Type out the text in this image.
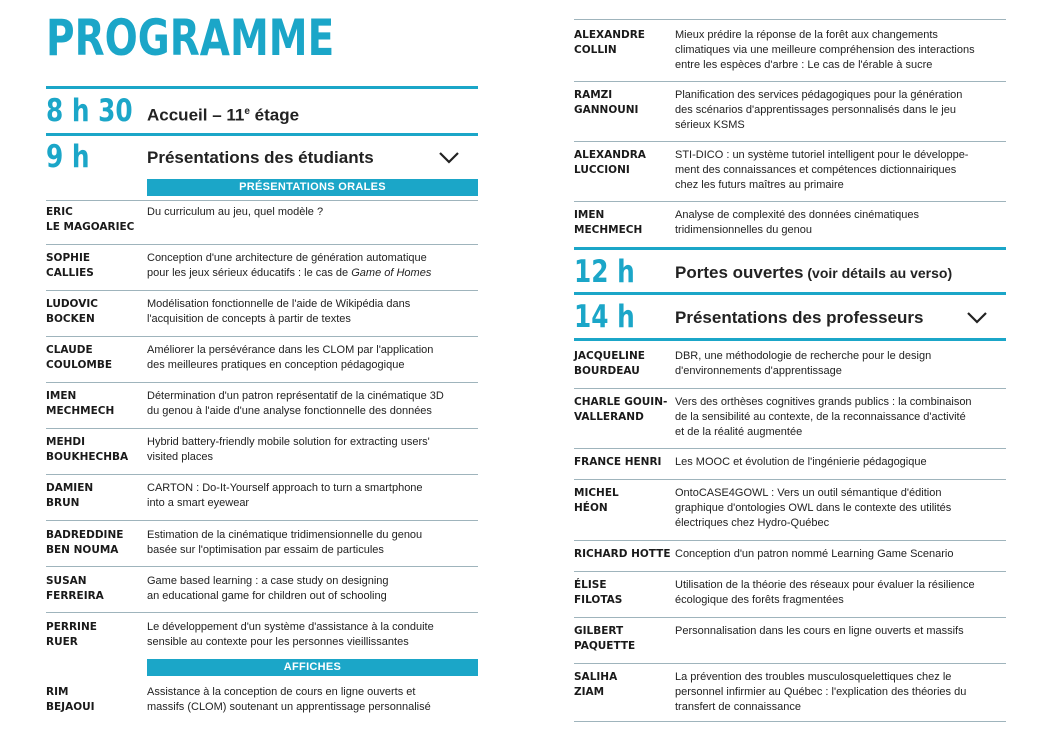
PROGRAMME
8 h 30 Accueil – 11e étage
9 h	Présentations des étudiants
PRÉSENTATIONS ORALES
ERIC
LE MAGOARIEC
Du curriculum au jeu, quel modèle ?
SOPHIE
CALLIES
Conception d'une architecture de génération automatique
pour les jeux sérieux éducatifs : le cas de Game of Homes
LUDOVIC
BOCKEN
Modélisation fonctionnelle de l'aide de Wikipédia dans
l'acquisition de concepts à partir de textes
CLAUDE
COULOMBE
Améliorer la persévérance dans les CLOM par l'application
des meilleures pratiques en conception pédagogique
IMEN
MECHMECH
Détermination d'un patron représentatif de la cinématique 3D
du genou à l'aide d'une analyse fonctionnelle des données
MEHDI
BOUKHECHBA
Hybrid battery-friendly mobile solution for extracting users'
visited places
DAMIEN
BRUN
CARTON : Do-It-Yourself approach to turn a smartphone
into a smart eyewear
BADREDDINE
BEN NOUMA
Estimation de la cinématique tridimensionnelle du genou
basée sur l'optimisation par essaim de particules
SUSAN
FERREIRA
Game based learning : a case study on designing
an educational game for children out of schooling
PERRINE
RUER
Le développement d'un système d'assistance à la conduite
sensible au contexte pour les personnes vieillissantes
AFFICHES
RIM
BEJAOUI
Assistance à la conception de cours en ligne ouverts et
massifs (CLOM) soutenant un apprentissage personnalisé
ALEXANDRE
COLLIN
Mieux prédire la réponse de la forêt aux changements
climatiques via une meilleure compréhension des interactions
entre les espèces d'arbre : Le cas de l'érable à sucre
RAMZI
GANNOUNI
Planification des services pédagogiques pour la génération
des scénarios d'apprentissages personnalisés dans le jeu
sérieux KSMS
ALEXANDRA
LUCCIONI
STI-DICO : un système tutoriel intelligent pour le développe-
ment des connaissances et compétences dictionnairiques
chez les futurs maîtres au primaire
IMEN
MECHMECH
Analyse de complexité des données cinématiques
tridimensionnelles du genou
12 h Portes ouvertes (voir détails au verso)
14 h Présentations des professeurs
JACQUELINE
BOURDEAU
DBR, une méthodologie de recherche pour le design
d'environnements d'apprentissage
CHARLE GOUIN-
VALLERAND
Vers des orthèses cognitives grands publics : la combinaison
de la sensibilité au contexte, de la reconnaissance d'activité
et de la réalité augmentée
FRANCE HENRI	Les MOOC et évolution de l'ingénierie pédagogique
MICHEL
HÉON
OntoCASE4GOWL : Vers un outil sémantique d'édition
graphique d'ontologies OWL dans le contexte des utilités
électriques chez Hydro-Québec
RICHARD HOTTE Conception d'un patron nommé Learning Game Scenario
ÉLISE
FILOTAS
Utilisation de la théorie des réseaux pour évaluer la résilience
écologique des forêts fragmentées
GILBERT
PAQUETTE
Personnalisation dans les cours en ligne ouverts et massifs
SALIHA
ZIAM
La prévention des troubles musculosquelettiques chez le
personnel infirmier au Québec : l'explication des théories du
transfert de connaissance
